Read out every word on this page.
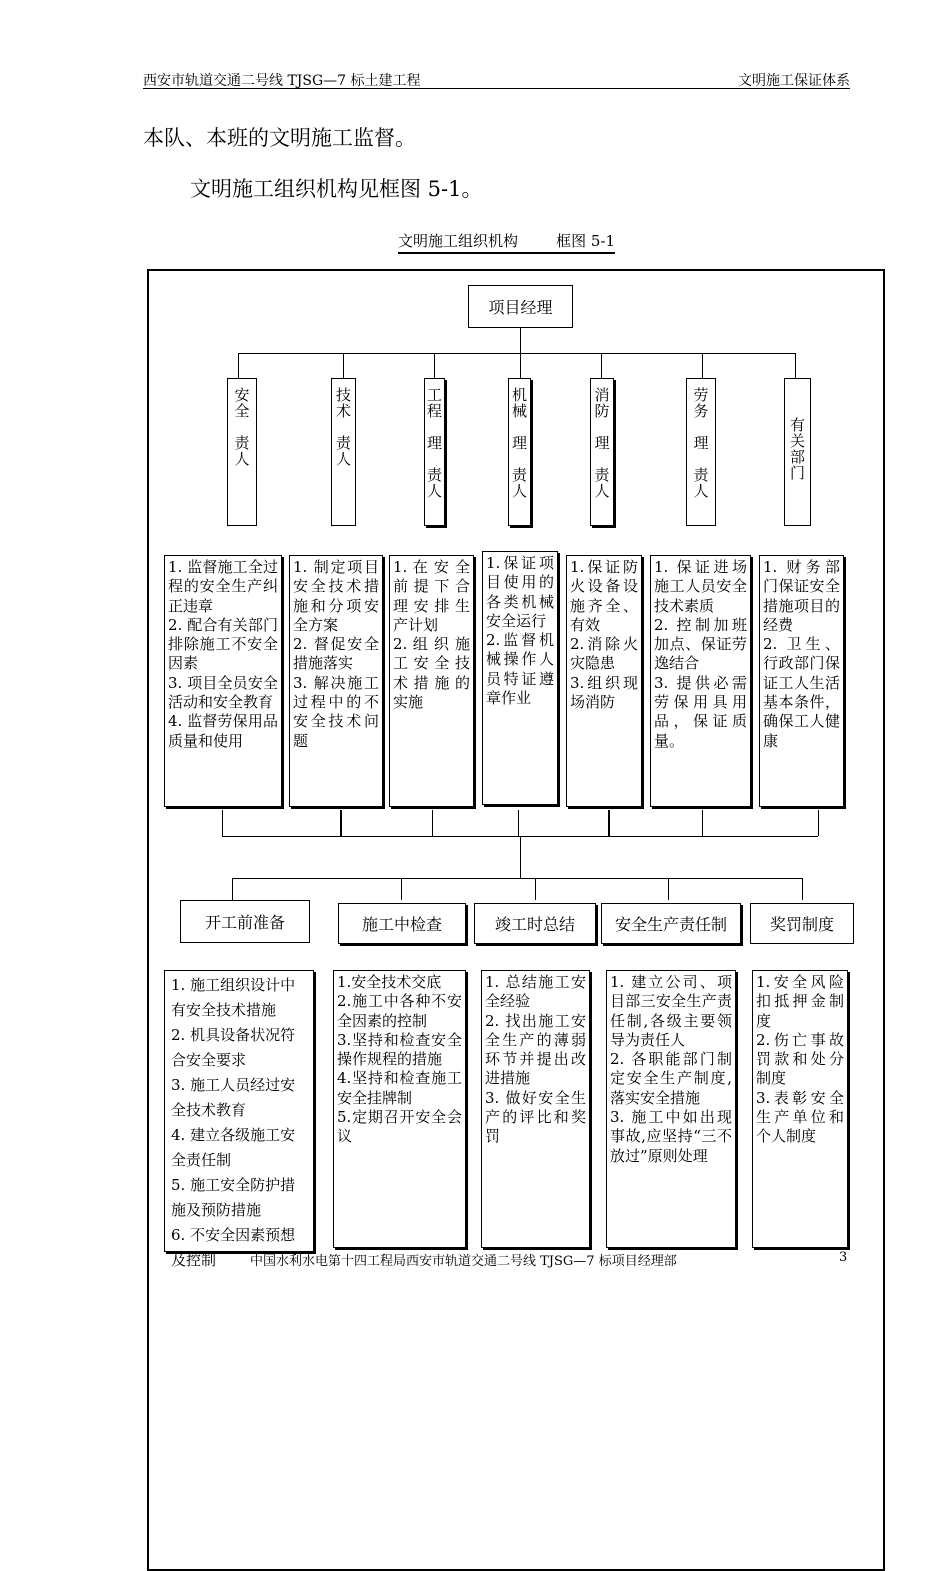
西安市轨道交通二号线 TJSG—7 标土建工程	文明施工保证体系
本队、本班的文明施工监督。
文明施工组织机构见框图 5-1。
文明施工组织机构        框图 5-1
项目经理
安
全
责
人
技
术
责
人
工
程
理
责
人
机
械
理
责
人
消
防
理
责
人
劳
务
理
责
人
有
关
部
门
1. 监督施工全过程的安全生产纠正违章
2. 配合有关部门排除施工不安全因素
3. 项目全员安全活动和安全教育
4. 监督劳保用品质量和使用
1. 制定项目安全技术措施和分项安全方案
2. 督促安全措施落实
3. 解决施工过程中的不安全技术问题
1. 在 安 全前 提 下 合理 安 排 生产计划
2. 组 织 施工 安 全 技术 措 施 的实施
1.保证项目使用的各类机械安全运行
2.监督机械操作人员特证遵章作业
1.保证防火设备设施齐全、有效
2.消除火灾隐患
3.组织现场消防
1. 保证进场施工人员安全技术素质
2. 控制加班加点、保证劳逸结合
3. 提供必需劳保用具用品，保证质量。
1. 财务部门保证安全措施项目的经费
2. 卫生、行政部门保证工人生活基本条件，确保工人健康
开工前准备	施工中检查	竣工时总结	安全生产责任制	奖罚制度
1. 施工组织设计中
有安全技术措施
2. 机具设备状况符
合安全要求
3. 施工人员经过安
全技术教育
4. 建立各级施工安
全责任制
5. 施工安全防护措
施及预防措施
6. 不安全因素预想
及控制
1.安全技术交底
2.施工中各种不安全因素的控制
3.坚持和检查安全操作规程的措施
4.坚持和检查施工安全挂牌制
5.定期召开安全会议
1. 总结施工安全经验
2. 找出施工安全生产的薄弱环节并提出改进措施
3. 做好安全生产的评比和奖罚
1. 建立公司、项目部三安全生产责任制,各级主要领导为责任人
2. 各职能部门制定安全生产制度,落实安全措施
3. 施工中如出现事故,应坚持“三不放过”原则处理
1.安全风险扣抵押金制度
2.伤亡事故罚款和处分制度
3.表彰安全生产单位和个人制度
中国水利水电第十四工程局西安市轨道交通二号线 TJSG—7 标项目经理部	3
